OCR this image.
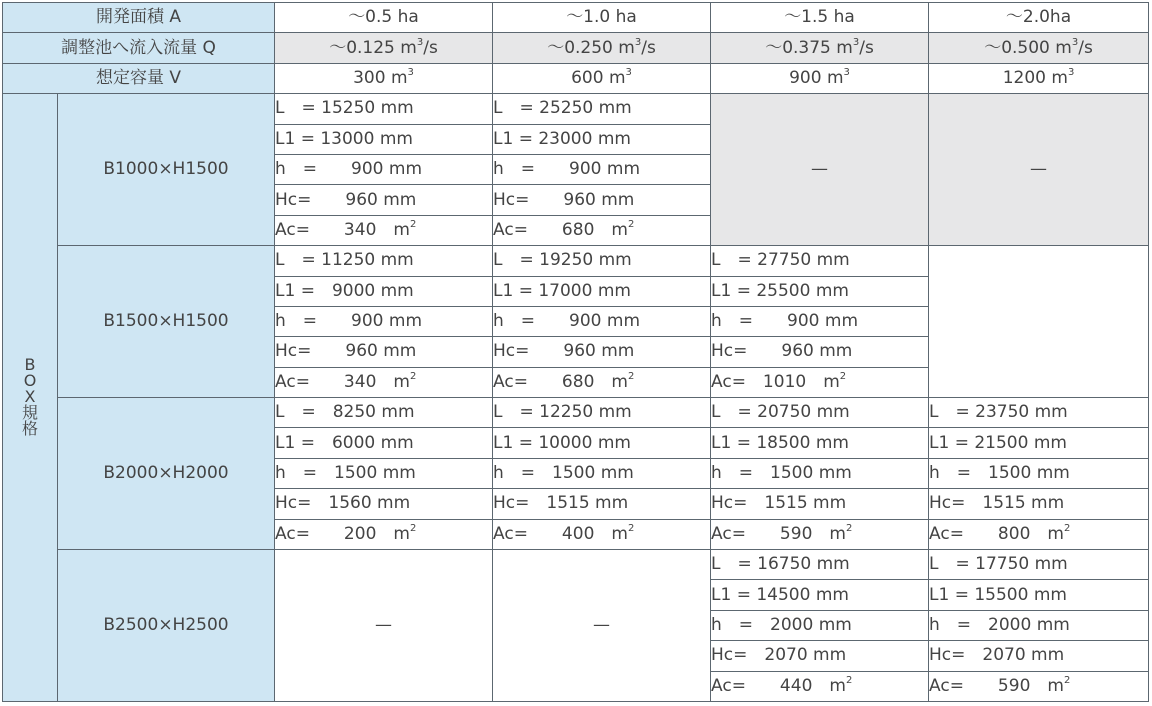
開発面積 A		～0.5 ha	～1.0 ha	～1.5 ha	～2.0ha
調整池へ流入流量 Q		～0.125 $m^3/s$	～0.250 $m^3/s$	～0.375 $m^3/s$	～0.500 $m^3/s$
想定容量 V		300 $m^3$	600 $m^3$	900 $m^3$	1200 $m^3$

B
O
X
規
格	B1000×H1500	L　= 15250 mm	L　= 25250 mm	—	—
		L1 = 13000 mm	L1 = 23000 mm		
		h　=　　900 mm	h　=　　900 mm		
		Hc=　　960 mm	Hc=　　960 mm		
		Ac=　　340　$m^2$	Ac=　　680　$m^2$
	B1500×H1500	L　= 11250 mm	L　= 19250 mm	L　= 27750 mm	
		L1 =　9000 mm	L1 = 17000 mm	L1 = 25500 mm	
		h　=　　900 mm	h　=　　900 mm	h　=　　900 mm	
		Hc=　　960 mm	Hc=　　960 mm	Hc=　　960 mm	
		Ac=　　340　$m^2$	Ac=　　680　$m^2$	Ac=　1010　$m^2$
	B2000×H2000	L　=　8250 mm	L　= 12250 mm	L　= 20750 mm	L　= 23750 mm
		L1 =　6000 mm	L1 = 10000 mm	L1 = 18500 mm	L1 = 21500 mm
		h　=　1500 mm	h　=　1500 mm	h　=　1500 mm	h　=　1500 mm
		Hc=　1560 mm	Hc=　1515 mm	Hc=　1515 mm	Hc=　1515 mm
		Ac=　　200　$m^2$	Ac=　　400　$m^2$	Ac=　　590　$m^2$	Ac=　　800　$m^2$
	B2500×H2500	—	—	L　= 16750 mm	L　= 17750 mm
				L1 = 14500 mm	L1 = 15500 mm
				h　=　2000 mm	h　=　2000 mm
				Hc=　2070 mm	Hc=　2070 mm
				Ac=　　440　$m^2$	Ac=　　590　$m^2$
